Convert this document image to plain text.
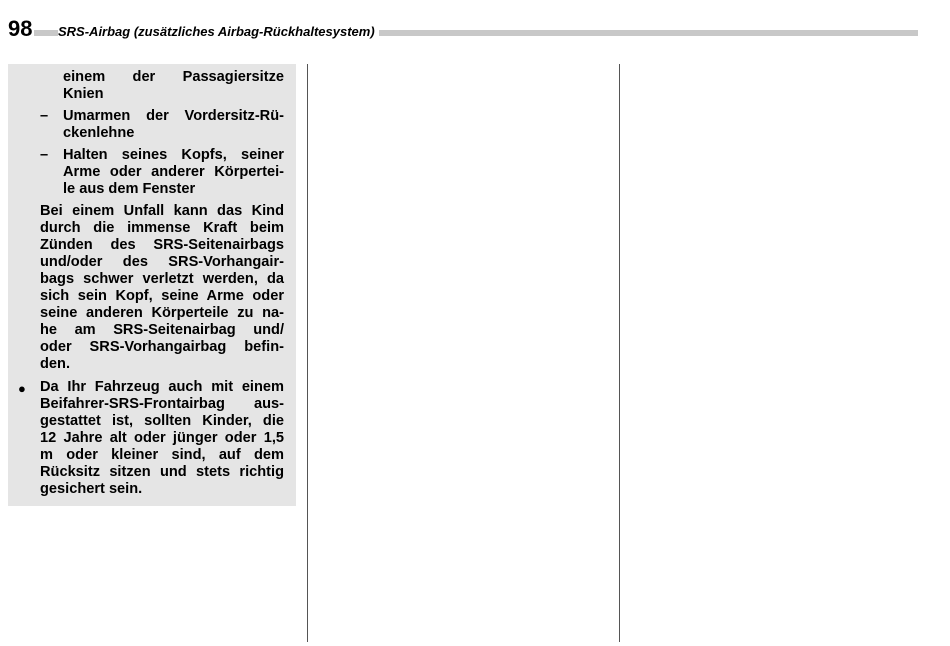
98 SRS-Airbag (zusätzliches Airbag-Rückhaltesystem)
einem der Passagiersitze
Knien
– Umarmen der Vordersitz-Rü-
ckenlehne
– Halten seines Kopfs, seiner
Arme oder anderer Körpertei-
le aus dem Fenster
Bei einem Unfall kann das Kind
durch die immense Kraft beim
Zünden des SRS-Seitenairbags
und/oder des SRS-Vorhangair-
bags schwer verletzt werden, da
sich sein Kopf, seine Arme oder
seine anderen Körperteile zu na-
he am SRS-Seitenairbag und/
oder SRS-Vorhangairbag befin-
den.
● Da Ihr Fahrzeug auch mit einem
Beifahrer-SRS-Frontairbag aus-
gestattet ist, sollten Kinder, die
12 Jahre alt oder jünger oder 1,5
m oder kleiner sind, auf dem
Rücksitz sitzen und stets richtig
gesichert sein.
